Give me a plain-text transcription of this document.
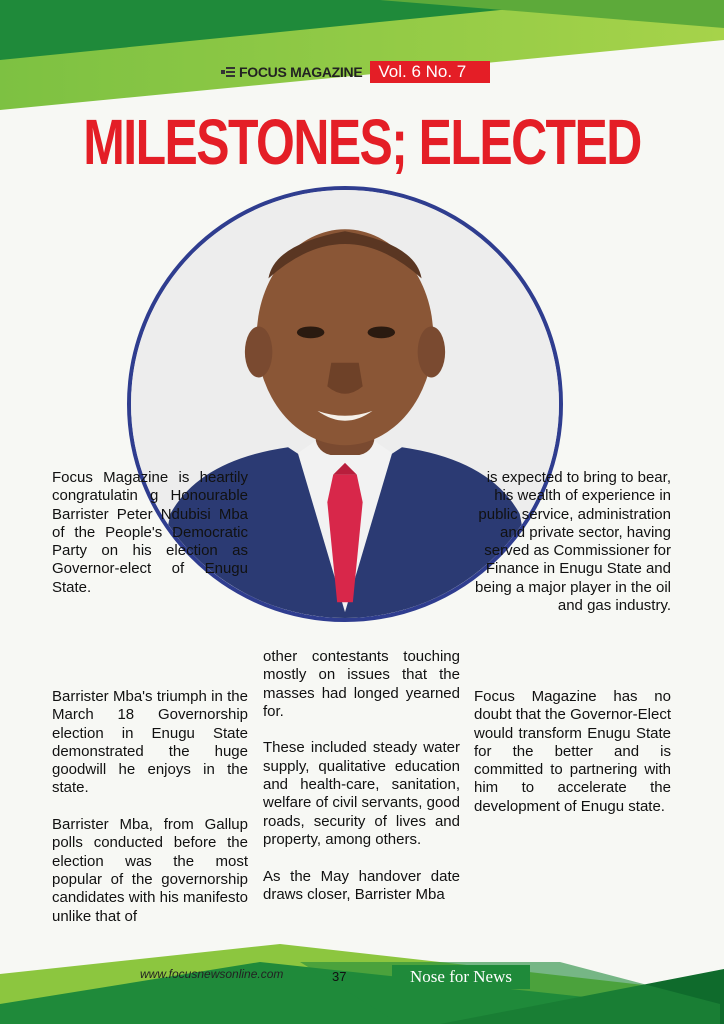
FOCUS MAGAZINE Vol. 6 No. 7
MILESTONES; ELECTED

Focus Magazine is heartily congratulatin g Honourable Barrister Peter Ndubisi Mba of the People's Democratic Party on his election as Governor-elect of Enugu State.

Barrister Mba's triumph in the March 18 Governorship election in Enugu State demonstrated the huge goodwill he enjoys in the state.

Barrister Mba, from Gallup polls conducted before the election was the most popular of the governorship candidates with his manifesto unlike that of

other contestants touching mostly on issues that the masses had longed yearned for.

These included steady water supply, qualitative education and health-care, sanitation, welfare of civil servants, good roads, security of lives and property, among others.

As the May handover date draws closer, Barrister Mba

is expected to bring to bear, his wealth of experience in public service, administration and private sector, having served as Commissioner for Finance in Enugu State and being a major player in the oil and gas industry.

Focus Magazine has no doubt that the Governor-Elect would transform Enugu State for the better and is committed to partnering with him to accelerate the development of Enugu state.

www.focusnewsonline.com	37	Nose for News
